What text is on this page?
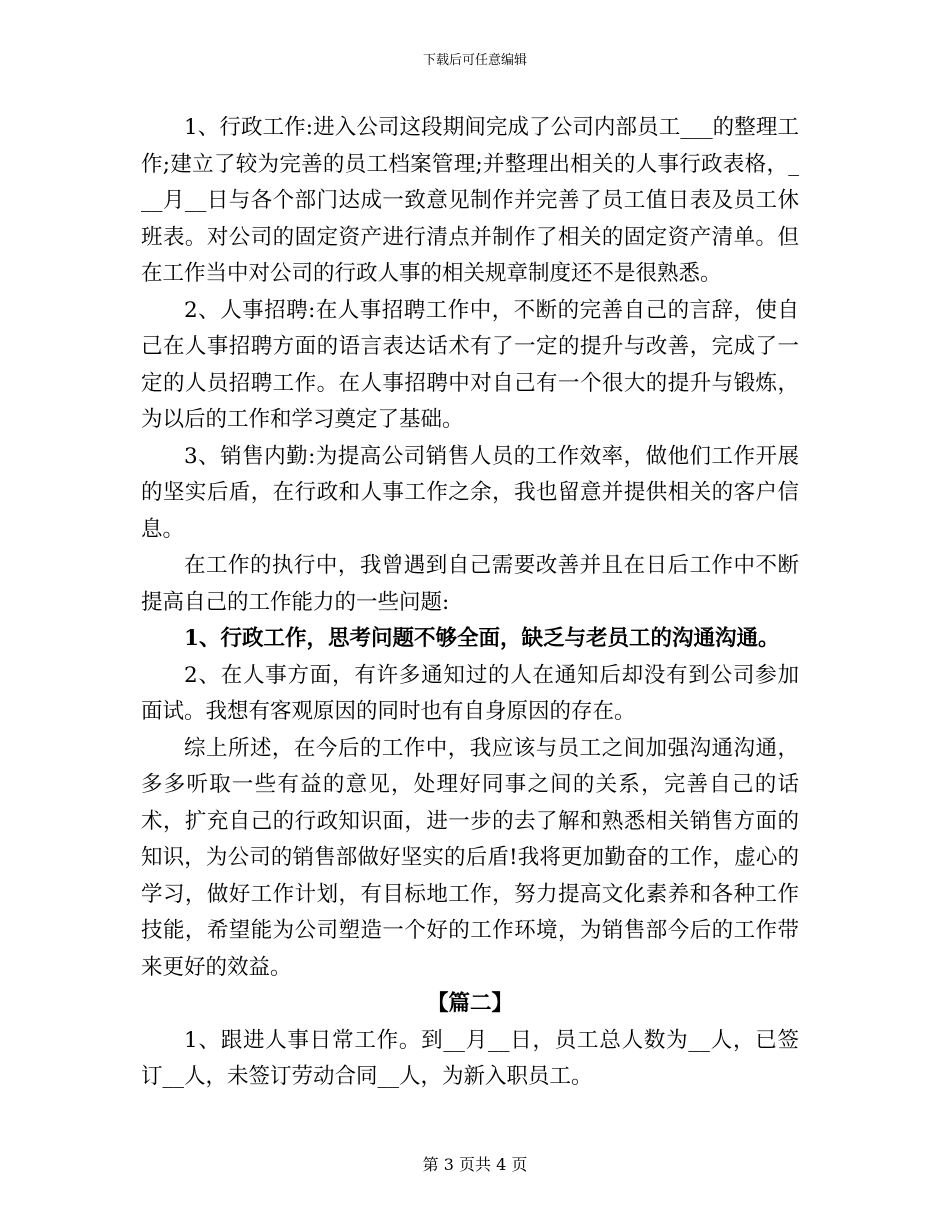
下载后可任意编辑

1、行政工作:进入公司这段期间完成了公司内部员工___的整理工作;建立了较为完善的员工档案管理;并整理出相关的人事行政表格，___月__日与各个部门达成一致意见制作并完善了员工值日表及员工休班表。对公司的固定资产进行清点并制作了相关的固定资产清单。但在工作当中对公司的行政人事的相关规章制度还不是很熟悉。

2、人事招聘:在人事招聘工作中，不断的完善自己的言辞，使自己在人事招聘方面的语言表达话术有了一定的提升与改善，完成了一定的人员招聘工作。在人事招聘中对自己有一个很大的提升与锻炼，为以后的工作和学习奠定了基础。

3、销售内勤:为提高公司销售人员的工作效率，做他们工作开展的坚实后盾，在行政和人事工作之余，我也留意并提供相关的客户信息。

在工作的执行中，我曾遇到自己需要改善并且在日后工作中不断提高自己的工作能力的一些问题:

1、行政工作，思考问题不够全面，缺乏与老员工的沟通沟通。

2、在人事方面，有许多通知过的人在通知后却没有到公司参加面试。我想有客观原因的同时也有自身原因的存在。

综上所述，在今后的工作中，我应该与员工之间加强沟通沟通，多多听取一些有益的意见，处理好同事之间的关系，完善自己的话术，扩充自己的行政知识面，进一步的去了解和熟悉相关销售方面的知识，为公司的销售部做好坚实的后盾!我将更加勤奋的工作，虚心的学习，做好工作计划，有目标地工作，努力提高文化素养和各种工作技能，希望能为公司塑造一个好的工作环境，为销售部今后的工作带来更好的效益。

【篇二】

1、跟进人事日常工作。到__月__日，员工总人数为__人，已签订__人，未签订劳动合同__人，为新入职员工。

第 3 页共 4 页
